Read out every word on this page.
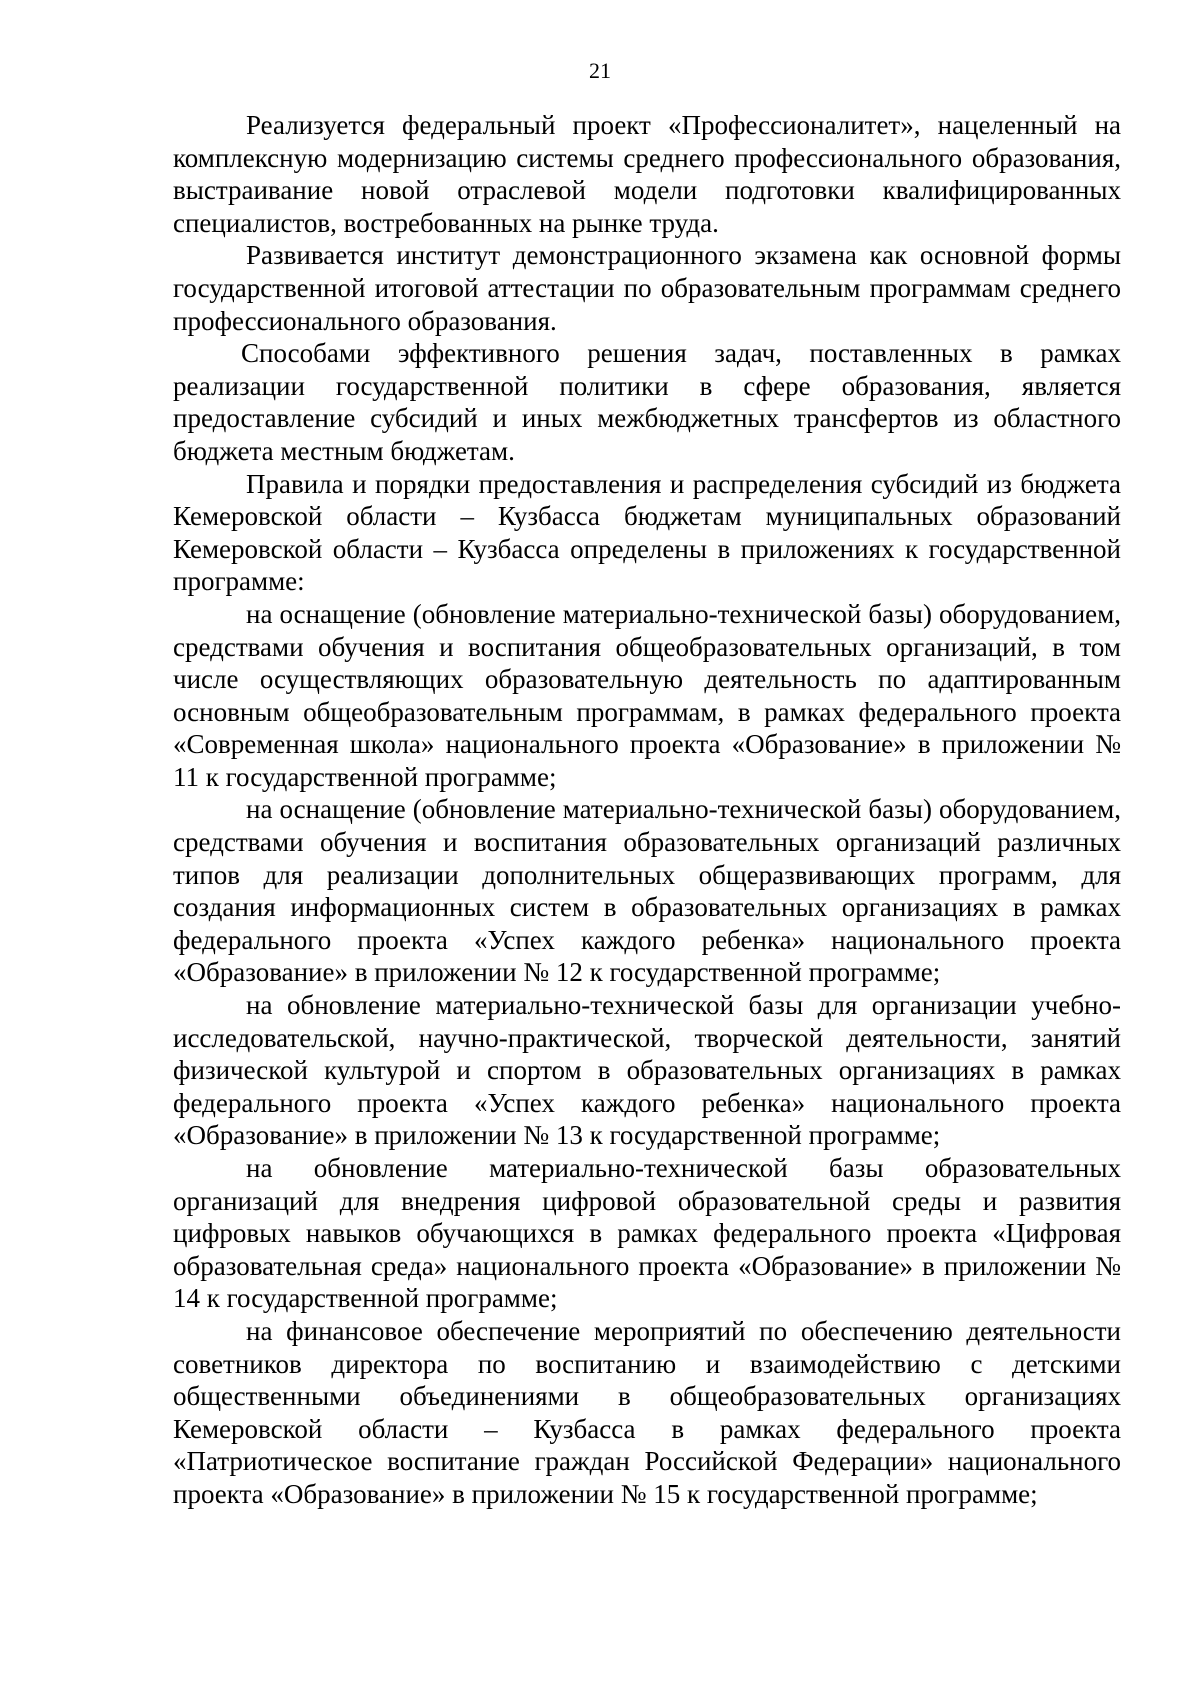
21

Реализуется федеральный проект «Профессионалитет», нацеленный на комплексную модернизацию системы среднего профессионального образования, выстраивание новой отраслевой модели подготовки квалифицированных специалистов, востребованных на рынке труда.

Развивается институт демонстрационного экзамена как основной формы государственной итоговой аттестации по образовательным программам среднего профессионального образования.

Способами эффективного решения задач, поставленных в рамках реализации государственной политики в сфере образования, является предоставление субсидий и иных межбюджетных трансфертов из областного бюджета местным бюджетам.

Правила и порядки предоставления и распределения субсидий из бюджета Кемеровской области – Кузбасса бюджетам муниципальных образований Кемеровской области – Кузбасса определены в приложениях к государственной программе:

на оснащение (обновление материально-технической базы) оборудованием, средствами обучения и воспитания общеобразовательных организаций, в том числе осуществляющих образовательную деятельность по адаптированным основным общеобразовательным программам, в рамках федерального проекта «Современная школа» национального проекта «Образование» в приложении № 11 к государственной программе;

на оснащение (обновление материально-технической базы) оборудованием, средствами обучения и воспитания образовательных организаций различных типов для реализации дополнительных общеразвивающих программ, для создания информационных систем в образовательных организациях в рамках федерального проекта «Успех каждого ребенка» национального проекта «Образование» в приложении № 12 к государственной программе;

на обновление материально-технической базы для организации учебно-исследовательской, научно-практической, творческой деятельности, занятий физической культурой и спортом в образовательных организациях в рамках федерального проекта «Успех каждого ребенка» национального проекта «Образование» в приложении № 13 к государственной программе;

на обновление материально-технической базы образовательных организаций для внедрения цифровой образовательной среды и развития цифровых навыков обучающихся в рамках федерального проекта «Цифровая образовательная среда» национального проекта «Образование» в приложении № 14 к государственной программе;

на финансовое обеспечение мероприятий по обеспечению деятельности советников директора по воспитанию и взаимодействию с детскими общественными объединениями в общеобразовательных организациях Кемеровской области – Кузбасса в рамках федерального проекта «Патриотическое воспитание граждан Российской Федерации» национального проекта «Образование» в приложении № 15 к государственной программе;
